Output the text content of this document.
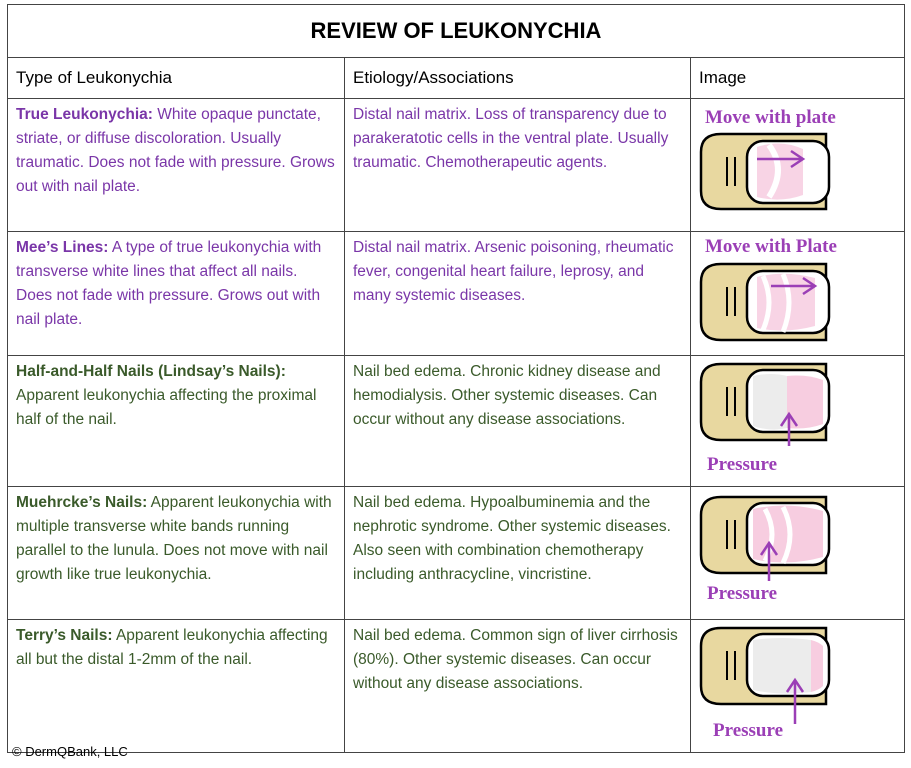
REVIEW OF LEUKONYCHIA		
Type of Leukonychia	Etiology/Associations	Image
True Leukonychia: White opaque punctate, striate, or diffuse discoloration. Usually traumatic. Does not fade with pressure. Grows out with nail plate.	Distal nail matrix. Loss of transparency due to parakeratotic cells in the ventral plate. Usually traumatic. Chemotherapeutic agents.	Move with plate

Mee’s Lines: A type of true leukonychia with transverse white lines that affect all nails. Does not fade with pressure. Grows out with nail plate.	Distal nail matrix. Arsenic poisoning, rheumatic fever, congenital heart failure, leprosy, and many systemic diseases.	Move with Plate

Half-and-Half Nails (Lindsay’s Nails): Apparent leukonychia affecting the proximal half of the nail.	Nail bed edema. Chronic kidney disease and hemodialysis. Other systemic diseases. Can occur without any disease associations.	Pressure

Muehrcke’s Nails: Apparent leukonychia with multiple transverse white bands running parallel to the lunula. Does not move with nail growth like true leukonychia.	Nail bed edema. Hypoalbuminemia and the nephrotic syndrome. Other systemic diseases. Also seen with combination chemotherapy including anthracycline, vincristine.	Pressure

Terry’s Nails: Apparent leukonychia affecting all but the distal 1-2mm of the nail.	Nail bed edema. Common sign of liver cirrhosis (80%). Other systemic diseases. Can occur without any disease associations.	Pressure
© DermQBank, LLC
